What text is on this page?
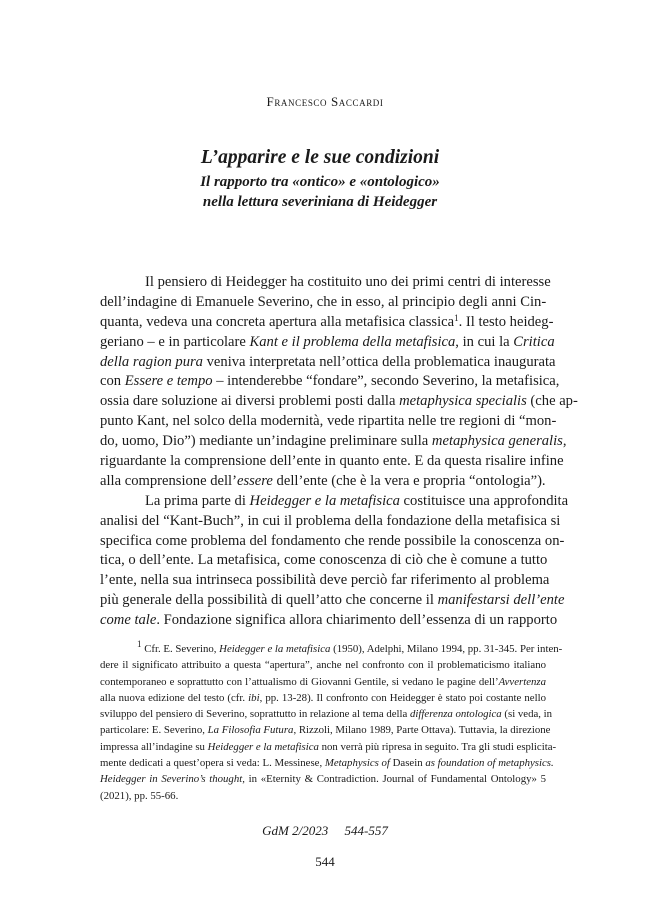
Francesco Saccardi
L’apparire e le sue condizioni
Il rapporto tra «ontico» e «ontologico»
nella lettura severiniana di Heidegger
Il pensiero di Heidegger ha costituito uno dei primi centri di interesse
dell’indagine di Emanuele Severino, che in esso, al principio degli anni Cin-
quanta, vedeva una concreta apertura alla metafisica classica$^1$. Il testo heideg-
geriano – e in particolare Kant e il problema della metafisica, in cui la Critica
della ragion pura veniva interpretata nell’ottica della problematica inaugurata
con Essere e tempo – intenderebbe “fondare”, secondo Severino, la metafisica,
ossia dare soluzione ai diversi problemi posti dalla metaphysica specialis (che ap-
punto Kant, nel solco della modernità, vede ripartita nelle tre regioni di “mon-
do, uomo, Dio”) mediante un’indagine preliminare sulla metaphysica generalis,
riguardante la comprensione dell’ente in quanto ente. E da questa risalire infine
alla comprensione dell’essere dell’ente (che è la vera e propria “ontologia”).
La prima parte di Heidegger e la metafisica costituisce una approfondita
analisi del “Kant-Buch”, in cui il problema della fondazione della metafisica si
specifica come problema del fondamento che rende possibile la conoscenza on-
tica, o dell’ente. La metafisica, come conoscenza di ciò che è comune a tutto
l’ente, nella sua intrinseca possibilità deve perciò far riferimento al problema
più generale della possibilità di quell’atto che concerne il manifestarsi dell’ente
come tale. Fondazione significa allora chiarimento dell’essenza di un rapporto
$^1$ Cfr. E. Severino, Heidegger e la metafisica (1950), Adelphi, Milano 1994, pp. 31-345. Per inten-
dere il significato attribuito a questa “apertura”, anche nel confronto con il problematicismo italiano
contemporaneo e soprattutto con l’attualismo di Giovanni Gentile, si vedano le pagine dell’Avvertenza
alla nuova edizione del testo (cfr. ibi, pp. 13-28). Il confronto con Heidegger è stato poi costante nello
sviluppo del pensiero di Severino, soprattutto in relazione al tema della differenza ontologica (si veda, in
particolare: E. Severino, La Filosofia Futura, Rizzoli, Milano 1989, Parte Ottava). Tuttavia, la direzione
impressa all’indagine su Heidegger e la metafisica non verrà più ripresa in seguito. Tra gli studi esplicita-
mente dedicati a quest’opera si veda: L. Messinese, Metaphysics of Dasein as foundation of metaphysics.
Heidegger in Severino’s thought, in «Eternity & Contradiction. Journal of Fundamental Ontology» 5
(2021), pp. 55-66.
GdM 2/2023 544-557
544
